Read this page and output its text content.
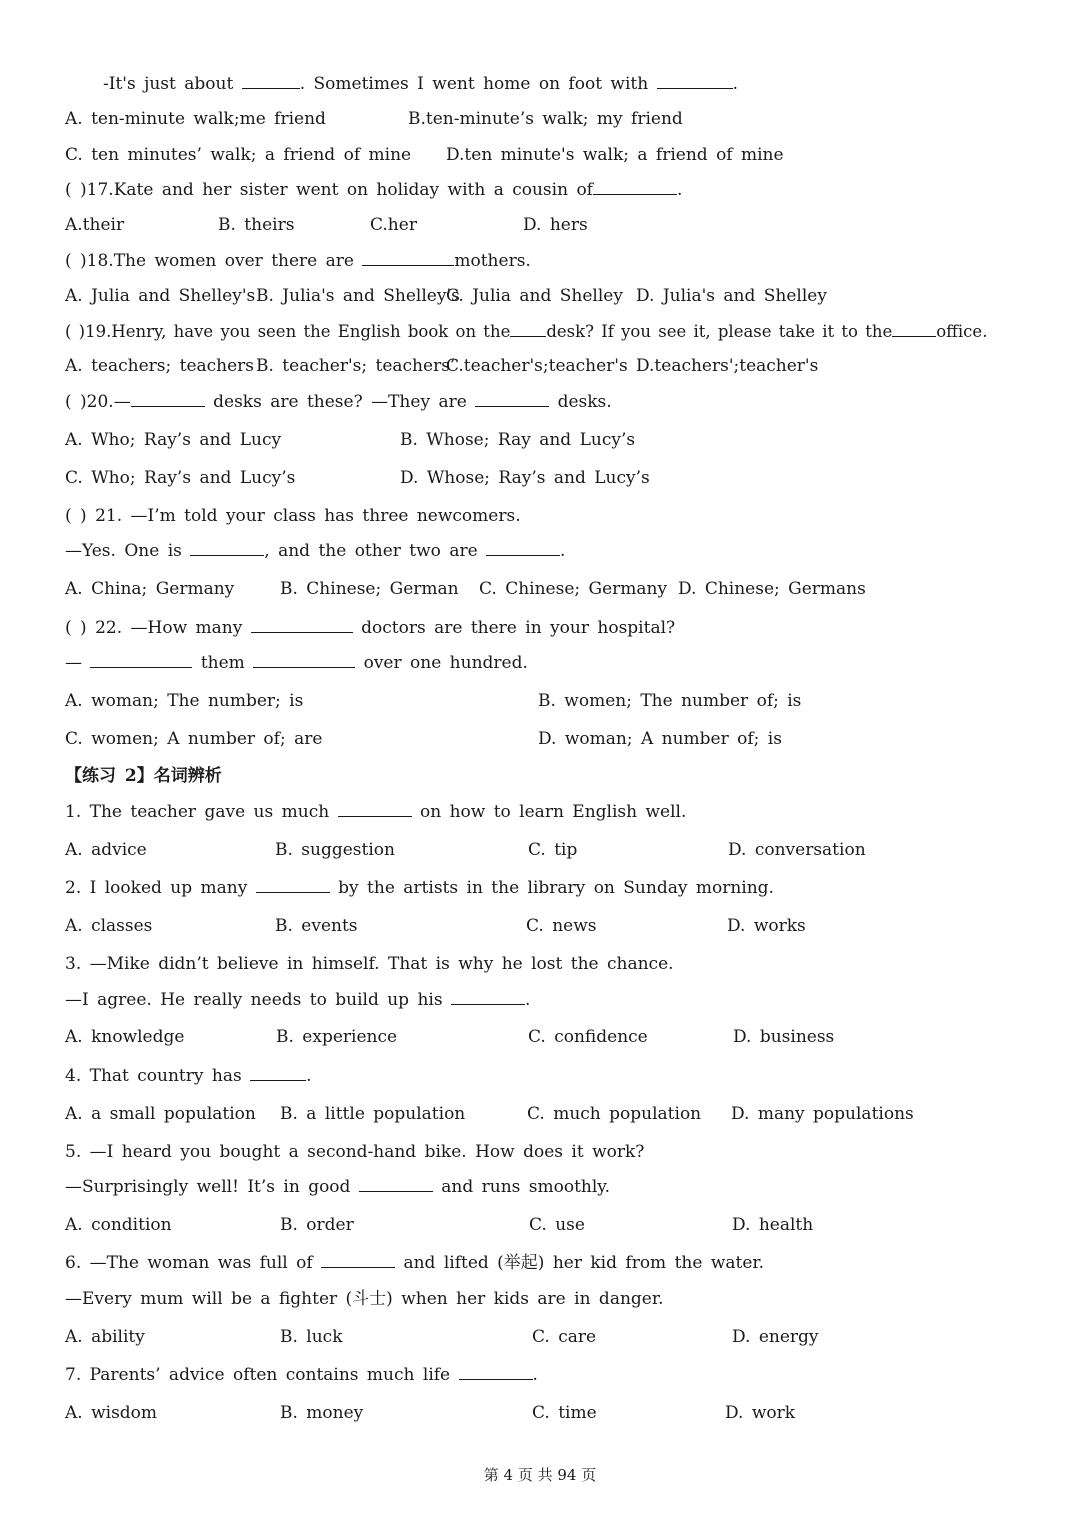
-It's just about	. Sometimes I went home on foot with	.
A. ten-minute walk;me friend	B.ten-minute’s walk; my friend
C. ten minutes’ walk; a friend of mine D.ten minute's walk; a friend of mine
( )17.Kate and her sister went on holiday with a cousin of	.
A.their	B. theirs	C.her	D. hers
( )18.The women over there are	mothers.
A. Julia and Shelley's B. Julia's and Shelley's
C. Julia and Shelley D. Julia's and Shelley
( )19.Henry, have you seen the English book on the desk? If you see it, please take it to the	office.
A. teachers; teachers B. teacher's; teachers’
C.teacher's;teacher's D.teachers';teacher's
( )20.—	desks are these? —They are	desks.
A. Who; Ray’s and Lucy	B. Whose; Ray and Lucy’s
C. Who; Ray’s and Lucy’s	D. Whose; Ray’s and Lucy’s
( ) 21. —I’m told your class has three newcomers.
—Yes. One is	, and the other two are	.
A. China; Germany	B. Chinese; German C. Chinese; Germany D. Chinese; Germans
( ) 22. —How many	doctors are there in your hospital?
—	them	over one hundred.
A. woman; The number; is	B. women; The number of; is
C. women; A number of; are	D. woman; A number of; is
【练习 2】名词辨析
1. The teacher gave us much	on how to learn English well.
A. advice	B. suggestion	C. tip	D. conversation
2. I looked up many	by the artists in the library on Sunday morning.
A. classes	B. events	C. news	D. works
3. —Mike didn’t believe in himself. That is why he lost the chance.
—I agree. He really needs to build up his	.
A. knowledge	B. experience	C. confidence	D. business
4. That country has	.
A. a small population B. a little population	C. much population D. many populations
5. —I heard you bought a second-hand bike. How does it work?
—Surprisingly well! It’s in good	and runs smoothly.
A. condition	B. order	C. use	D. health
6. —The woman was full of	and lifted (举起) her kid from the water.
—Every mum will be a fighter (斗士) when her kids are in danger.
A. ability	B. luck	C. care	D. energy
7. Parents’ advice often contains much life	.
A. wisdom	B. money	C. time	D. work
第 4 页 共 94 页
